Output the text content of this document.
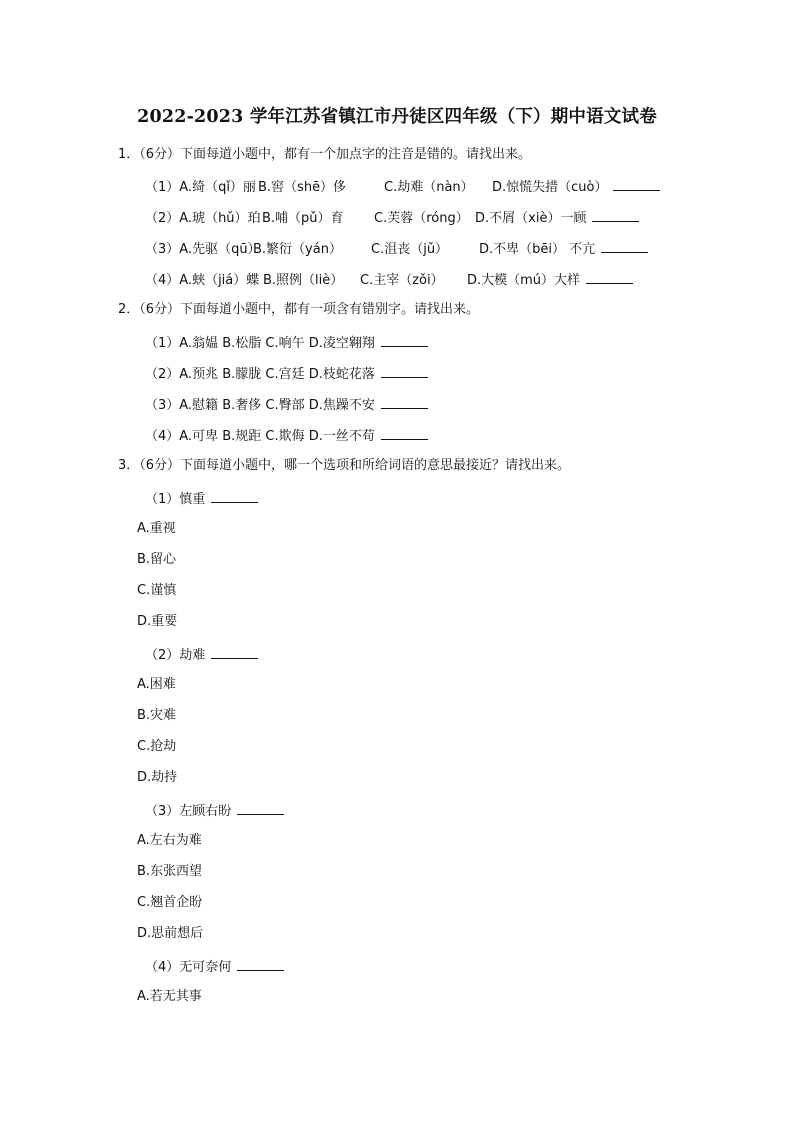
2022-2023 学年江苏省镇江市丹徒区四年级（下）期中语文试卷
1．（6分）下面每道小题中，都有一个加点字的注音是错的。请找出来。
（1）A.绮（qǐ）丽 B.窖（shē）侈	C.劫难（nàn） D.惊慌失措（cuò）
（2）A.琥（hǔ）珀B.哺（pǔ）育 C.芙蓉（róng） D.不屑（xiè）一顾
（3）A.先驱（qū）B.繁衍（yán） C.沮丧（jǔ） D.不卑（bēi） 不亢
（4）A.蛱（jiá）蝶 B.照例（liè） C.主宰（zǒi） D.大模（mú）大样
2．（6分）下面每道小题中，都有一项含有错别字。请找出来。
（1）A.翁媪 B.松脂 C.响午 D.凌空翱翔
（2）A.预兆 B.朦胧 C.宫廷 D.枝蛇花落
（3）A.慰籍 B.奢侈 C.臀部 D.焦躁不安
（4）A.可卑 B.规距 C.欺侮 D.一丝不苟
3．（6分）下面每道小题中，哪一个选项和所给词语的意思最接近？请找出来。
（1）慎重
A.重视
B.留心
C.谨慎
D.重要
（2）劫难
A.困难
B.灾难
C.抢劫
D.劫持
（3）左顾右盼
A.左右为难
B.东张西望
C.翘首企盼
D.思前想后
（4）无可奈何
A.若无其事
